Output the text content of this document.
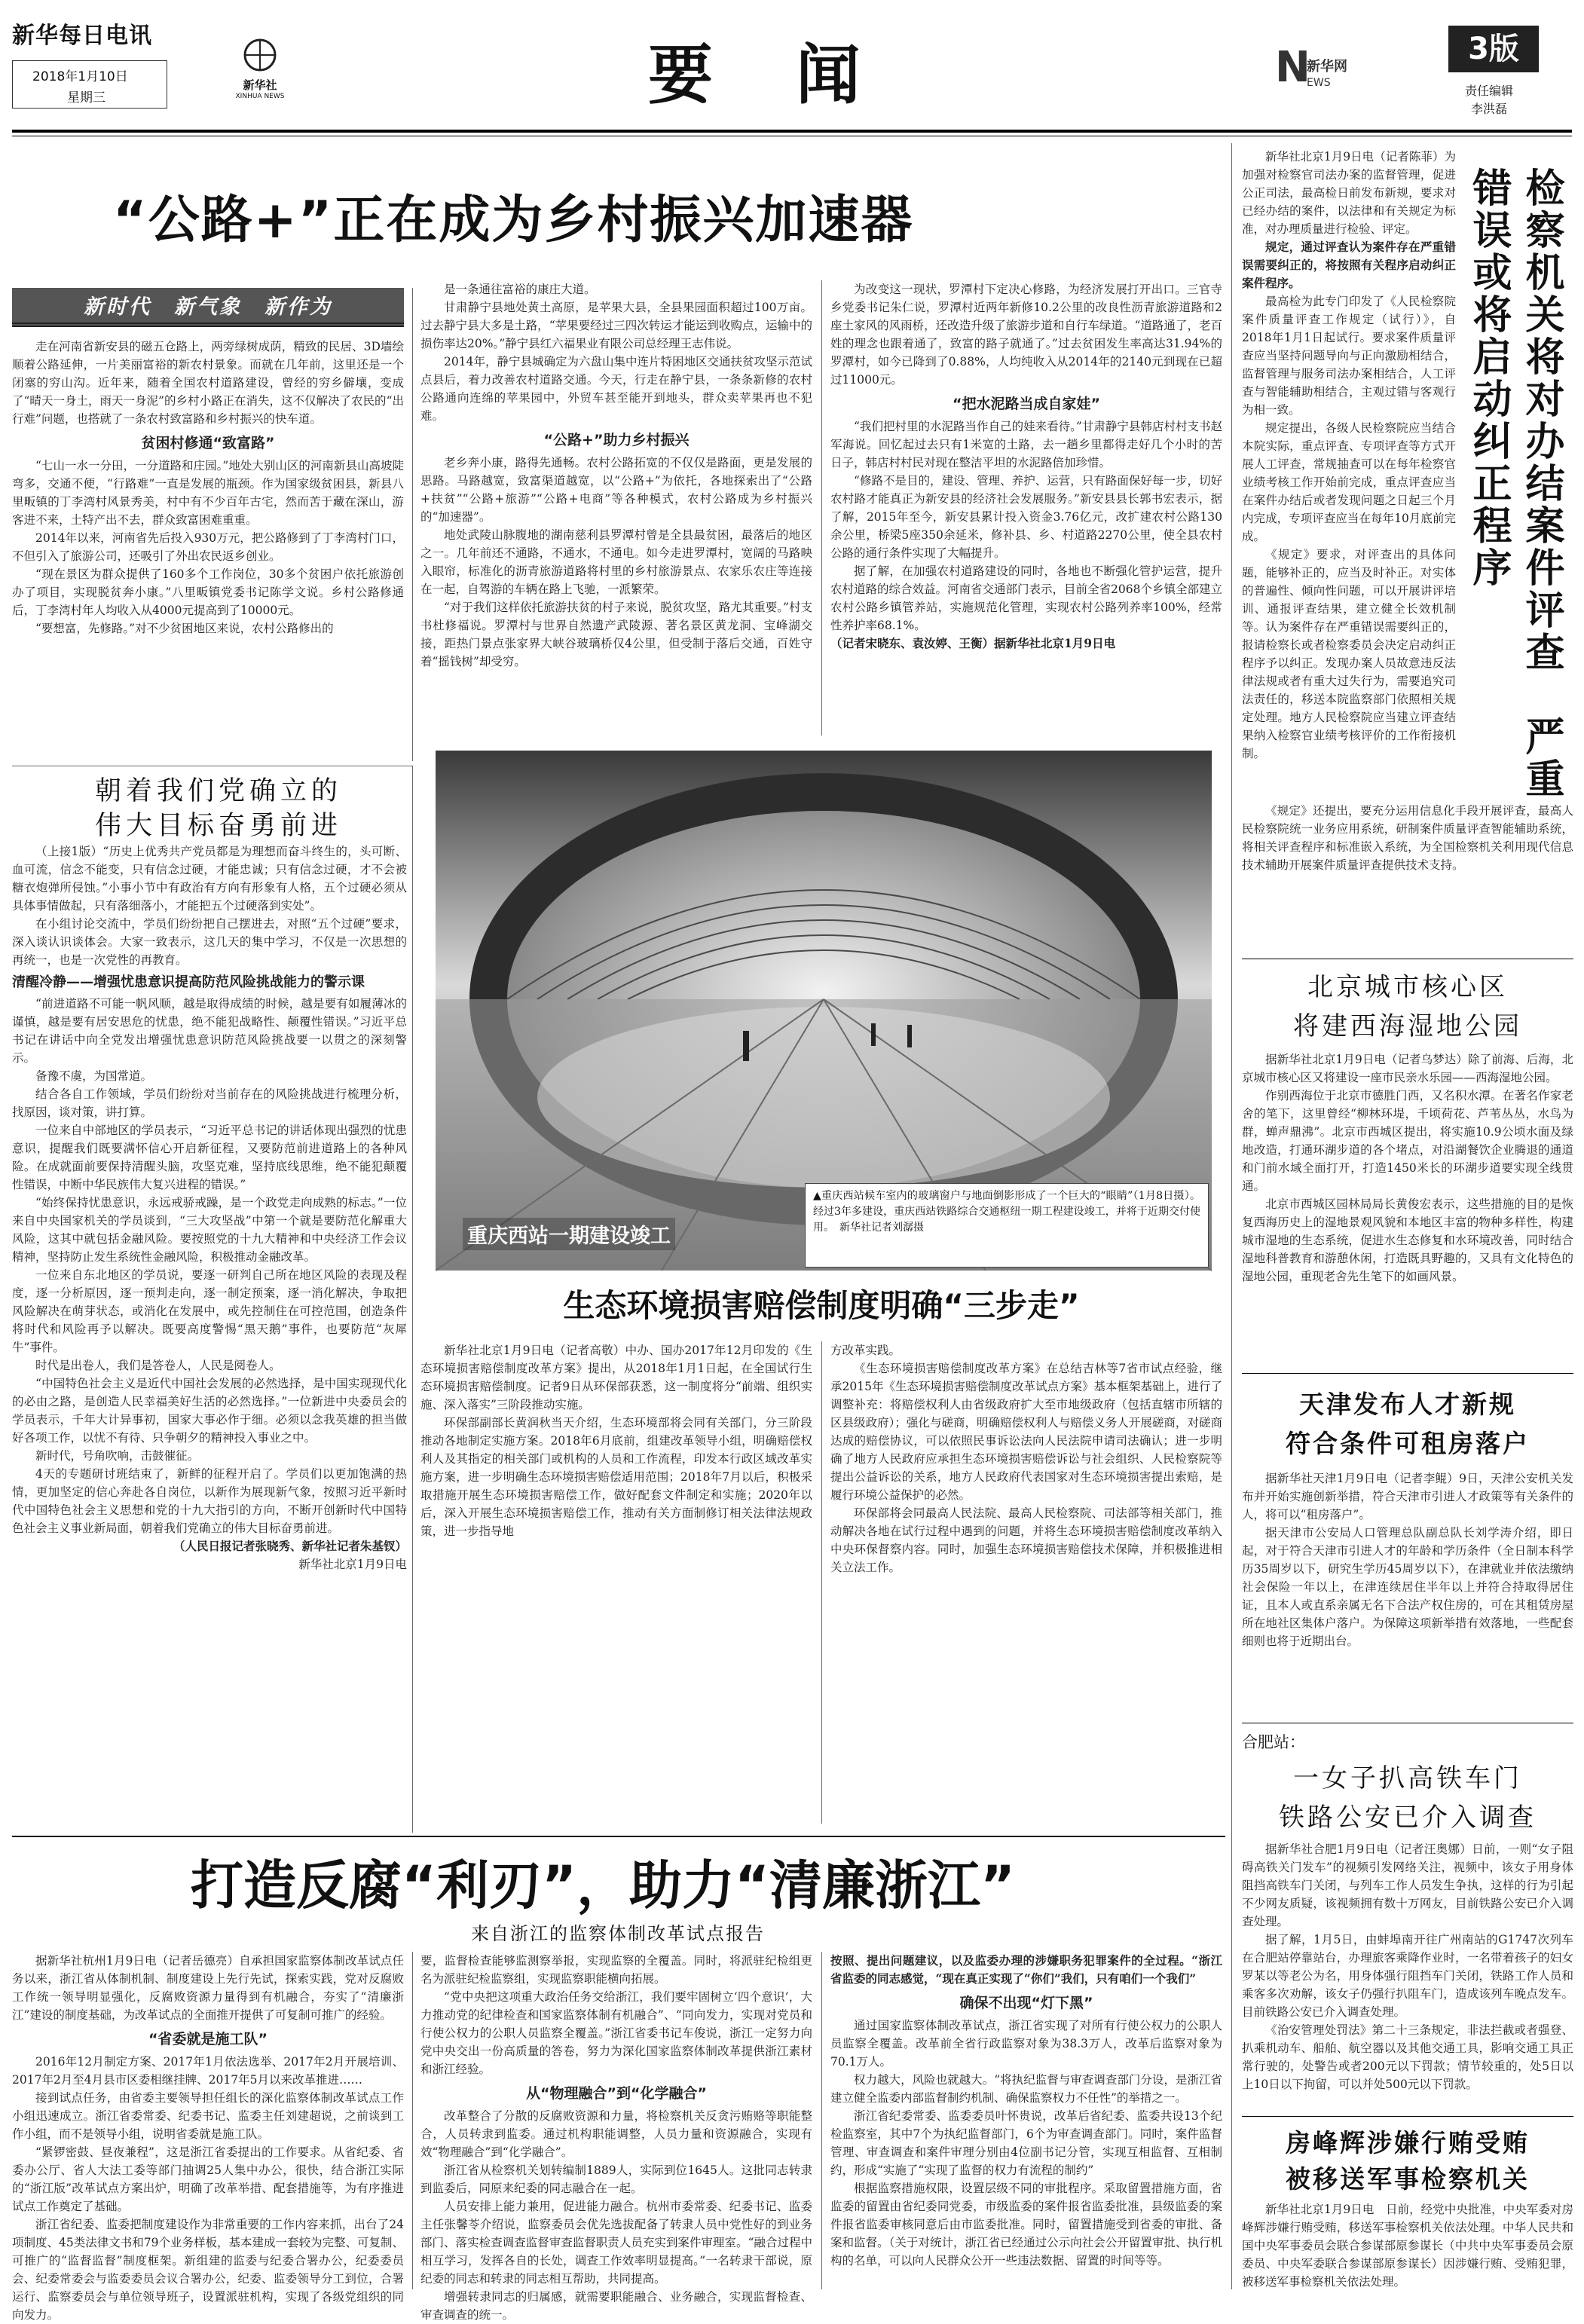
新华每日电讯
2018年1月10日
星期三
新华社
XINHUA NEWS	要　闻	N
新华网
EWS
3版
责任编辑
李洪磊
“公路+”正在成为乡村振兴加速器
新时代　新气象　新作为

走在河南省新安县的磁五仓路上，两旁绿树成荫，精致的民居、3D墙绘顺着公路延伸，一片美丽富裕的新农村景象。而就在几年前，这里还是一个闭塞的穷山沟。近年来，随着全国农村道路建设，曾经的穷乡僻壤，变成了“晴天一身土，雨天一身泥”的乡村小路正在消失，这不仅解决了农民的“出行难”问题，也搭就了一条农村致富路和乡村振兴的快车道。

贫困村修通“致富路”

“七山一水一分田，一分道路和庄园。”地处大别山区的河南新县山高坡陡弯多，交通不便，“行路难”一直是发展的瓶颈。作为国家级贫困县，新县八里畈镇的丁李湾村风景秀美，村中有不少百年古宅，然而苦于藏在深山，游客进不来，土特产出不去，群众致富困难重重。

2014年以来，河南省先后投入930万元，把公路修到了丁李湾村门口，不但引入了旅游公司，还吸引了外出农民返乡创业。

“现在景区为群众提供了160多个工作岗位，30多个贫困户依托旅游创办了项目，实现脱贫奔小康。”八里畈镇党委书记陈学文说。乡村公路修通后，丁李湾村年人均收入从4000元提高到了10000元。

“要想富，先修路。”对不少贫困地区来说，农村公路修出的

是一条通往富裕的康庄大道。

甘肃静宁县地处黄土高原，是苹果大县，全县果园面积超过100万亩。过去静宁县大多是土路，“苹果要经过三四次转运才能运到收购点，运输中的损伤率达20%。”静宁县红六福果业有限公司总经理王志伟说。

2014年，静宁县城确定为六盘山集中连片特困地区交通扶贫攻坚示范试点县后，着力改善农村道路交通。今天，行走在静宁县，一条条新修的农村公路通向连绵的苹果园中，外贸车甚至能开到地头，群众卖苹果再也不犯难。

“公路+”助力乡村振兴

老乡奔小康，路得先通畅。农村公路拓宽的不仅仅是路面，更是发展的思路。马路越宽，致富渠道越宽，以“公路+”为依托，各地探索出了“公路+扶贫”“公路+旅游”“公路+电商”等各种模式，农村公路成为乡村振兴的“加速器”。

地处武陵山脉腹地的湖南慈利县罗潭村曾是全县最贫困，最落后的地区之一。几年前还不通路，不通水，不通电。如今走进罗潭村，宽阔的马路映入眼帘，标准化的沥青旅游道路将村里的乡村旅游景点、农家乐农庄等连接在一起，自驾游的车辆在路上飞驰，一派繁荣。

“对于我们这样依托旅游扶贫的村子来说，脱贫攻坚，路尤其重要。”村支书杜修福说。罗潭村与世界自然遗产武陵源、著名景区黄龙洞、宝峰湖交接，距热门景点张家界大峡谷玻璃桥仅4公里，但受制于落后交通，百姓守着“摇钱树”却受穷。

为改变这一现状，罗潭村下定决心修路，为经济发展打开出口。三官寺乡党委书记朱仁说，罗潭村近两年新修10.2公里的改良性沥青旅游道路和2座土家风的风雨桥，还改造升级了旅游步道和自行车绿道。“道路通了，老百姓的理念也跟着通了，致富的路子就通了。”过去贫困发生率高达31.94%的罗潭村，如今已降到了0.88%，人均纯收入从2014年的2140元到现在已超过11000元。

“把水泥路当成自家娃”

“我们把村里的水泥路当作自己的娃来看待。”甘肃静宁县韩店村村支书赵军海说。回忆起过去只有1米宽的土路，去一趟乡里都得走好几个小时的苦日子，韩店村村民对现在整洁平坦的水泥路倍加珍惜。

“修路不是目的，建设、管理、养护、运营，只有路面保好每一步，切好农村路才能真正为新安县的经济社会发展服务。”新安县县长郭书宏表示，据了解，2015年至今，新安县累计投入资金3.76亿元，改扩建农村公路130余公里，桥梁5座350余延米，修补县、乡、村道路2270公里，使全县农村公路的通行条件实现了大幅提升。

据了解，在加强农村道路建设的同时，各地也不断强化管护运营，提升农村道路的综合效益。河南省交通部门表示，目前全省2068个乡镇全部建立农村公路乡镇管养站，实施规范化管理，实现农村公路列养率100%，经常性养护率68.1%。

（记者宋晓东、袁汝婷、王衡）据新华社北京1月9日电

朝着我们党确立的
伟大目标奋勇前进

（上接1版）“历史上优秀共产党员都是为理想而奋斗终生的，头可断、血可流，信念不能变，只有信念过硬，才能忠诚；只有信念过硬，才不会被糖衣炮弹所侵蚀。”小事小节中有政治有方向有形象有人格，五个过硬必须从具体事情做起，只有落细落小，才能把五个过硬落到实处”。

在小组讨论交流中，学员们纷纷把自己摆进去，对照“五个过硬”要求，深入谈认识谈体会。大家一致表示，这几天的集中学习，不仅是一次思想的再统一，也是一次党性的再教育。

清醒冷静——增强忧患意识提高防范风险挑战能力的警示课

“前进道路不可能一帆风顺，越是取得成绩的时候，越是要有如履薄冰的谨慎，越是要有居安思危的忧患，绝不能犯战略性、颠覆性错误。”习近平总书记在讲话中向全党发出增强忧患意识防范风险挑战要一以贯之的深刻警示。

备豫不虞，为国常道。

结合各自工作领域，学员们纷纷对当前存在的风险挑战进行梳理分析，找原因，谈对策，讲打算。

一位来自中部地区的学员表示，“习近平总书记的讲话体现出强烈的忧患意识，提醒我们既要满怀信心开启新征程，又要防范前进道路上的各种风险。在成就面前要保持清醒头脑，攻坚克难，坚持底线思维，绝不能犯颠覆性错误，中断中华民族伟大复兴进程的错误。”

“始终保持忧患意识，永远戒骄戒躁，是一个政党走向成熟的标志。”一位来自中央国家机关的学员谈到，“三大攻坚战”中第一个就是要防范化解重大风险，这其中就包括金融风险。要按照党的十九大精神和中央经济工作会议精神，坚持防止发生系统性金融风险，积极推动金融改革。

一位来自东北地区的学员说，要逐一研判自己所在地区风险的表现及程度，逐一分析原因，逐一预判走向，逐一制定预案，逐一消化解决，争取把风险解决在萌芽状态，或消化在发展中，或先控制住在可控范围，创造条件将时代和风险再予以解决。既要高度警惕“黑天鹅”事件，也要防范“灰犀牛”事件。

时代是出卷人，我们是答卷人，人民是阅卷人。

“中国特色社会主义是近代中国社会发展的必然选择，是中国实现现代化的必由之路，是创造人民幸福美好生活的必然选择。”一位新进中央委员会的学员表示，千年大计异事初，国家大事必作于细。必须以念我英雄的担当做好各项工作，以忧不有待、只争朝夕的精神投入事业之中。

新时代，号角吹响，击鼓催征。

4天的专题研讨班结束了，新鲜的征程开启了。学员们以更加饱满的热情，更加坚定的信心奔赴各自岗位，以新作为展现新气象，按照习近平新时代中国特色社会主义思想和党的十九大指引的方向，不断开创新时代中国特色社会主义事业新局面，朝着我们党确立的伟大目标奋勇前进。

（人民日报记者张晓秀、新华社记者朱基钗）

新华社北京1月9日电

▲重庆西站候车室内的玻璃窗户与地面倒影形成了一个巨大的“眼睛”（1月8日摄）。经过3年多建设，重庆西站铁路综合交通枢纽一期工程建设竣工，并将于近期交付使用。　新华社记者刘潺摄
重庆西站一期建设竣工
生态环境损害赔偿制度明确“三步走”

新华社北京1月9日电（记者高敬）中办、国办2017年12月印发的《生态环境损害赔偿制度改革方案》提出，从2018年1月1日起，在全国试行生态环境损害赔偿制度。记者9日从环保部获悉，这一制度将分“前端、组织实施、深入落实”三阶段推动实施。

环保部副部长黄润秋当天介绍，生态环境部将会同有关部门，分三阶段推动各地制定实施方案。2018年6月底前，组建改革领导小组，明确赔偿权利人及其指定的相关部门或机构的人员和工作流程，印发本行政区域改革实施方案，进一步明确生态环境损害赔偿适用范围；2018年7月以后，积极采取措施开展生态环境损害赔偿工作，做好配套文件制定和实施；2020年以后，深入开展生态环境损害赔偿工作，推动有关方面制修订相关法律法规政策，进一步指导地

方改革实践。

《生态环境损害赔偿制度改革方案》在总结吉林等7省市试点经验，继承2015年《生态环境损害赔偿制度改革试点方案》基本框架基础上，进行了调整补充：将赔偿权利人由省级政府扩大至市地级政府（包括直辖市所辖的区县级政府）；强化与磋商，明确赔偿权利人与赔偿义务人开展磋商，对磋商达成的赔偿协议，可以依照民事诉讼法向人民法院申请司法确认；进一步明确了地方人民政府应承担生态环境损害赔偿诉讼与社会组织、人民检察院等提出公益诉讼的关系，地方人民政府代表国家对生态环境损害提出索赔，是履行环境公益保护的必然。

环保部将会同最高人民法院、最高人民检察院、司法部等相关部门，推动解决各地在试行过程中遇到的问题，并将生态环境损害赔偿制度改革纳入中央环保督察内容。同时，加强生态环境损害赔偿技术保障，并积极推进相关立法工作。

新华社北京1月9日电（记者陈菲）为加强对检察官司法办案的监督管理，促进公正司法，最高检日前发布新规，要求对已经办结的案件，以法律和有关规定为标准，对办理质量进行检验、评定。

规定，通过评查认为案件存在严重错误需要纠正的，将按照有关程序启动纠正案件程序。

最高检为此专门印发了《人民检察院案件质量评查工作规定（试行）》，自2018年1月1日起试行。要求案件质量评查应当坚持问题导向与正向激励相结合，监督管理与服务司法办案相结合，人工评查与智能辅助相结合，主观过错与客观行为相一致。

规定提出，各级人民检察院应当结合本院实际，重点评查、专项评查等方式开展人工评查，常规抽查可以在每年检察官业绩考核工作开始前完成，重点评查应当在案件办结后或者发现问题之日起三个月内完成，专项评查应当在每年10月底前完成。

《规定》要求，对评查出的具体问题，能够补正的，应当及时补正。对实体的普遍性、倾向性问题，可以开展讲评培训、通报评查结果，建立健全长效机制等。认为案件存在严重错误需要纠正的，报请检察长或者检察委员会决定启动纠正程序予以纠正。发现办案人员故意违反法律法规或者有重大过失行为，需要追究司法责任的，移送本院监察部门依照相关规定处理。地方人民检察院应当建立评查结果纳入检察官业绩考核评价的工作衔接机制。	检察机关将对办结案件评查　严重错误或将启动纠正程序

《规定》还提出，要充分运用信息化手段开展评查，最高人民检察院统一业务应用系统，研制案件质量评查智能辅助系统，将相关评查程序和标准嵌入系统，为全国检察机关利用现代信息技术辅助开展案件质量评查提供技术支持。

北京城市核心区
将建西海湿地公园

据新华社北京1月9日电（记者乌梦达）除了前海、后海，北京城市核心区又将建设一座市民亲水乐园——西海湿地公园。

作别西海位于北京市德胜门西，又名积水潭。在著名作家老舍的笔下，这里曾经“柳林环堤，千顷荷花、芦苇丛丛，水鸟为群，蝉声鼎沸”。北京市西城区提出，将实施10.9公顷水面及绿地改造，打通环湖步道的各个堵点，对沿湖餐饮企业腾退的通道和门前水域全面打开，打造1450米长的环湖步道要实现全线贯通。

北京市西城区园林局局长黄俊宏表示，这些措施的目的是恢复西海历史上的湿地景观风貌和本地区丰富的物种多样性，构建城市湿地的生态系统，促进水生态修复和水环境改善，同时结合湿地科普教育和游憩休闲，打造既具野趣的，又具有文化特色的湿地公园，重现老舍先生笔下的如画风景。

天津发布人才新规
符合条件可租房落户

据新华社天津1月9日电（记者李鲲）9日，天津公安机关发布并开始实施创新举措，符合天津市引进人才政策等有关条件的人，将可以“租房落户”。

据天津市公安局人口管理总队副总队长刘学涛介绍，即日起，对于符合天津市引进人才的年龄和学历条件（全日制本科学历35周岁以下，研究生学历45周岁以下），在津就业并依法缴纳社会保险一年以上，在津连续居住半年以上并符合持取得居住证，且本人或直系亲属无名下合法产权住房的，可在其租赁房屋所在地社区集体户落户。为保障这项新举措有效落地，一些配套细则也将于近期出台。

合肥站：
一女子扒高铁车门
铁路公安已介入调查

据新华社合肥1月9日电（记者汪奥娜）日前，一则“女子阻碍高铁关门发车”的视频引发网络关注，视频中，该女子用身体阻挡高铁车门关闭，与列车工作人员发生争执，这样的行为引起不少网友质疑，该视频拥有数十万网友，目前铁路公安已介入调查处理。

据了解，1月5日，由蚌埠南开往广州南站的G1747次列车在合肥站停靠站台，办理旅客乘降作业时，一名带着孩子的妇女罗某以等老公为名，用身体强行阻挡车门关闭，铁路工作人员和乘客多次劝解，该女子仍强行扒阻车门，造成该列车晚点发车。目前铁路公安已介入调查处理。

《治安管理处罚法》第二十三条规定，非法拦截或者强登、扒乘机动车、船舶、航空器以及其他交通工具，影响交通工具正常行驶的，处警告或者200元以下罚款；情节较重的，处5日以上10日以下拘留，可以并处500元以下罚款。

房峰辉涉嫌行贿受贿
被移送军事检察机关

新华社北京1月9日电　日前，经党中央批准，中央军委对房峰辉涉嫌行贿受贿，移送军事检察机关依法处理。中华人民共和国中央军事委员会联合参谋部原参谋长（中共中央军事委员会原委员、中央军委联合参谋部原参谋长）因涉嫌行贿、受贿犯罪，被移送军事检察机关依法处理。

打造反腐“利刃”，助力“清廉浙江”
来自浙江的监察体制改革试点报告

据新华社杭州1月9日电（记者岳德亮）自承担国家监察体制改革试点任务以来，浙江省从体制机制、制度建设上先行先试，探索实践，党对反腐败工作统一领导明显强化，反腐败资源力量得到有机融合，夯实了“清廉浙江”建设的制度基础，为改革试点的全面推开提供了可复制可推广的经验。

“省委就是施工队”

2016年12月制定方案、2017年1月依法选举、2017年2月开展培训、2017年2月至4月县市区委相继挂牌、2017年5月以来改革推进……

接到试点任务，由省委主要领导担任组长的深化监察体制改革试点工作小组迅速成立。浙江省委常委、纪委书记、监委主任刘建超说，之前谈到工作小组，而不是领导小组，说明省委就是施工队。

“紧锣密鼓、昼夜兼程”，这是浙江省委提出的工作要求。从省纪委、省委办公厅、省人大法工委等部门抽调25人集中办公，很快，结合浙江实际的“浙江版”改革试点方案出炉，明确了改革举措、配套措施等，为有序推进试点工作奠定了基础。

浙江省纪委、监委把制度建设作为非常重要的工作内容来抓，出台了24项制度、45类法律文书和79个业务样板，基本建成一套较为完整、可复制、可推广的“监督监督”制度框架。新组建的监委与纪委合署办公，纪委委员会、纪委常委会与监委委员会议合署办公，纪委、监委领导分工到位，合署运行、监察委员会与单位领导班子，设置派驻机构，实现了各级党组织的同向发力。

要，监督检查能够监测察举报，实现监察的全覆盖。同时，将派驻纪检组更名为派驻纪检监察组，实现监察职能横向拓展。

“党中央把这项重大政治任务交给浙江，我们要牢固树立‘四个意识’，大力推动党的纪律检查和国家监察体制有机融合”、“同向发力，实现对党员和行使公权力的公职人员监察全覆盖。”浙江省委书记车俊说，浙江一定努力向党中央交出一份高质量的答卷，努力为深化国家监察体制改革提供浙江素材和浙江经验。

从“物理融合”到“化学融合”

改革整合了分散的反腐败资源和力量，将检察机关反贪污贿赂等职能整合，人员转隶到监委。通过机构职能调整，人员力量和资源融合，实现有效“物理融合”到“化学融合”。

浙江省从检察机关划转编制1889人，实际到位1645人。这批同志转隶到监委后，同原来纪委的同志融合在一起。

人员安排上能力兼用，促进能力融合。杭州市委常委、纪委书记、监委主任张馨苓介绍说，监察委员会优先选拔配备了转隶人员中党性好的到业务部门、落实检查调查监督审查监督职责人员充实到案件审理室。“融合过程中相互学习，发挥各自的长处，调查工作效率明显提高。”一名转隶干部说，原纪委的同志和转隶的同志相互帮助，共同提高。

增强转隶同志的归属感，就需要职能融合、业务融合，实现监督检查、审查调查的统一。

按照、提出问题建议，以及监委办理的涉嫌职务犯罪案件的全过程。“浙江省监委的同志感觉，“现在真正实现了“你们”我们，只有咱们一个我们”

确保不出现“灯下黑”

通过国家监察体制改革试点，浙江省实现了对所有行使公权力的公职人员监察全覆盖。改革前全省行政监察对象为38.3万人，改革后监察对象为70.1万人。

权力越大，风险也就越大。“将执纪监督与审查调查部门分设，是浙江省建立健全监委内部监督制约机制、确保监察权力不任性”的举措之一。

浙江省纪委常委、监委委员叶怀贵说，改革后省纪委、监委共设13个纪检监察室，其中7个为执纪监督部门，6个为审查调查部门。同时，案件监督管理、审查调查和案件审理分别由4位副书记分管，实现互相监督、互相制约，形成“实施了“实现了监督的权力有流程的制约”

根据监察措施权限，设置层级不同的审批程序。采取留置措施方面，省监委的留置由省纪委同党委，市级监委的案件报省监委批准，县级监委的案件报省监委审核同意后由市监委批准。同时，留置措施受到省委的审批、备案和监督。（关于对统计，浙江省已经通过公示向社会公开留置审批、执行机构的名单，可以向人民群众公开一些违法数据、留置的时间等等。
